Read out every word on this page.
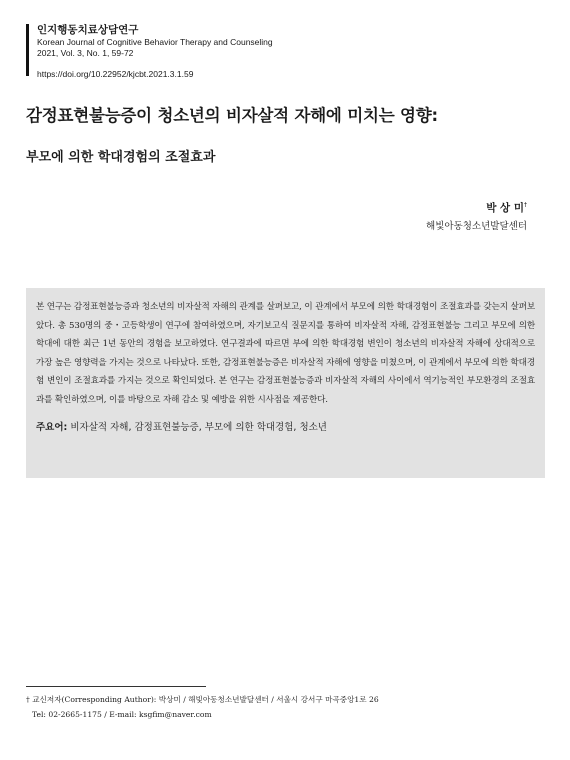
인지행동치료상담연구
Korean Journal of Cognitive Behavior Therapy and Counseling
2021, Vol. 3, No. 1, 59-72
https://doi.org/10.22952/kjcbt.2021.3.1.59
감정표현불능증이 청소년의 비자살적 자해에 미치는 영향:
부모에 의한 학대경험의 조절효과
박 상 미†
해빛아동청소년발달센터
본 연구는 감정표현불능증과 청소년의 비자살적 자해의 관계를 살펴보고, 이 관계에서 부모에 의한 학대경험이 조절효과를 갖는지 살펴보았다. 총 530명의 중・고등학생이 연구에 참여하였으며, 자기보고식 질문지를 통하여 비자살적 자해, 감정표현불능 그리고 부모에 의한 학대에 대한 최근 1년 동안의 경험을 보고하였다. 연구결과에 따르면 부에 의한 학대경험 변인이 청소년의 비자살적 자해에 상대적으로 가장 높은 영향력을 가지는 것으로 나타났다. 또한, 감정표현불능증은 비자살적 자해에 영향을 미쳤으며, 이 관계에서 부모에 의한 학대경험 변인이 조절효과를 가지는 것으로 확인되었다. 본 연구는 감정표현불능증과 비자살적 자해의 사이에서 역기능적인 부모환경의 조절효과를 확인하였으며, 이를 바탕으로 자해 감소 및 예방을 위한 시사점을 제공한다.
주요어: 비자살적 자해, 감정표현불능증, 부모에 의한 학대경험, 청소년
† 교신저자(Corresponding Author): 박상미 / 해빛아동청소년발달센터 / 서울시 강서구 마곡중앙1로 26
Tel: 02-2665-1175 / E-mail: ksgfim@naver.com
